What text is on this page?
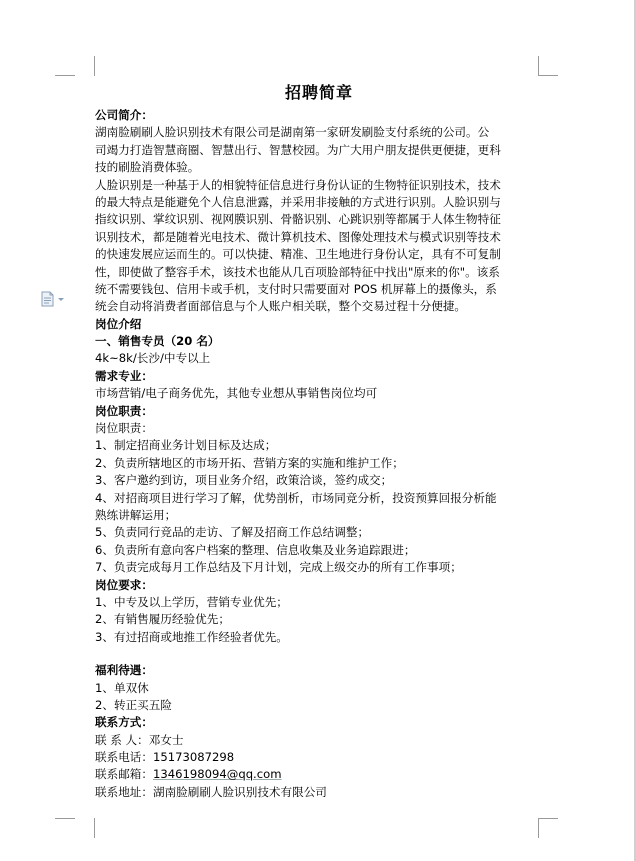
招聘简章
公司简介：
湖南脸刷刷人脸识别技术有限公司是湖南第一家研发刷脸支付系统的公司。公
司竭力打造智慧商圈、智慧出行、智慧校园。为广大用户朋友提供更便捷，更科
技的刷脸消费体验。
人脸识别是一种基于人的相貌特征信息进行身份认证的生物特征识别技术，技术
的最大特点是能避免个人信息泄露，并采用非接触的方式进行识别。人脸识别与
指纹识别、掌纹识别、视网膜识别、骨骼识别、心跳识别等都属于人体生物特征
识别技术，都是随着光电技术、微计算机技术、图像处理技术与模式识别等技术
的快速发展应运而生的。可以快捷、精准、卫生地进行身份认定，具有不可复制
性，即使做了整容手术，该技术也能从几百项脸部特征中找出"原来的你"。该系
统不需要钱包、信用卡或手机，支付时只需要面对 POS 机屏幕上的摄像头，系
统会自动将消费者面部信息与个人账户相关联，整个交易过程十分便捷。
岗位介绍
一、销售专员（20 名）
4k~8k/长沙/中专以上
需求专业：
市场营销/电子商务优先，其他专业想从事销售岗位均可
岗位职责：
岗位职责：
1、制定招商业务计划目标及达成；
2、负责所辖地区的市场开拓、营销方案的实施和维护工作；
3、客户邀约到访，项目业务介绍，政策洽谈，签约成交；
4、对招商项目进行学习了解，优势剖析，市场同竞分析，投资预算回报分析能
熟练讲解运用；
5、负责同行竞品的走访、了解及招商工作总结调整；
6、负责所有意向客户档案的整理、信息收集及业务追踪跟进；
7、负责完成每月工作总结及下月计划，完成上级交办的所有工作事项；
岗位要求：
1、中专及以上学历，营销专业优先；
2、有销售履历经验优先；
3、有过招商或地推工作经验者优先。
福利待遇：
1、单双休
2、转正买五险
联系方式：
联 系 人：邓女士
联系电话：15173087298
联系邮箱：1346198094@qq.com
联系地址：湖南脸刷刷人脸识别技术有限公司
